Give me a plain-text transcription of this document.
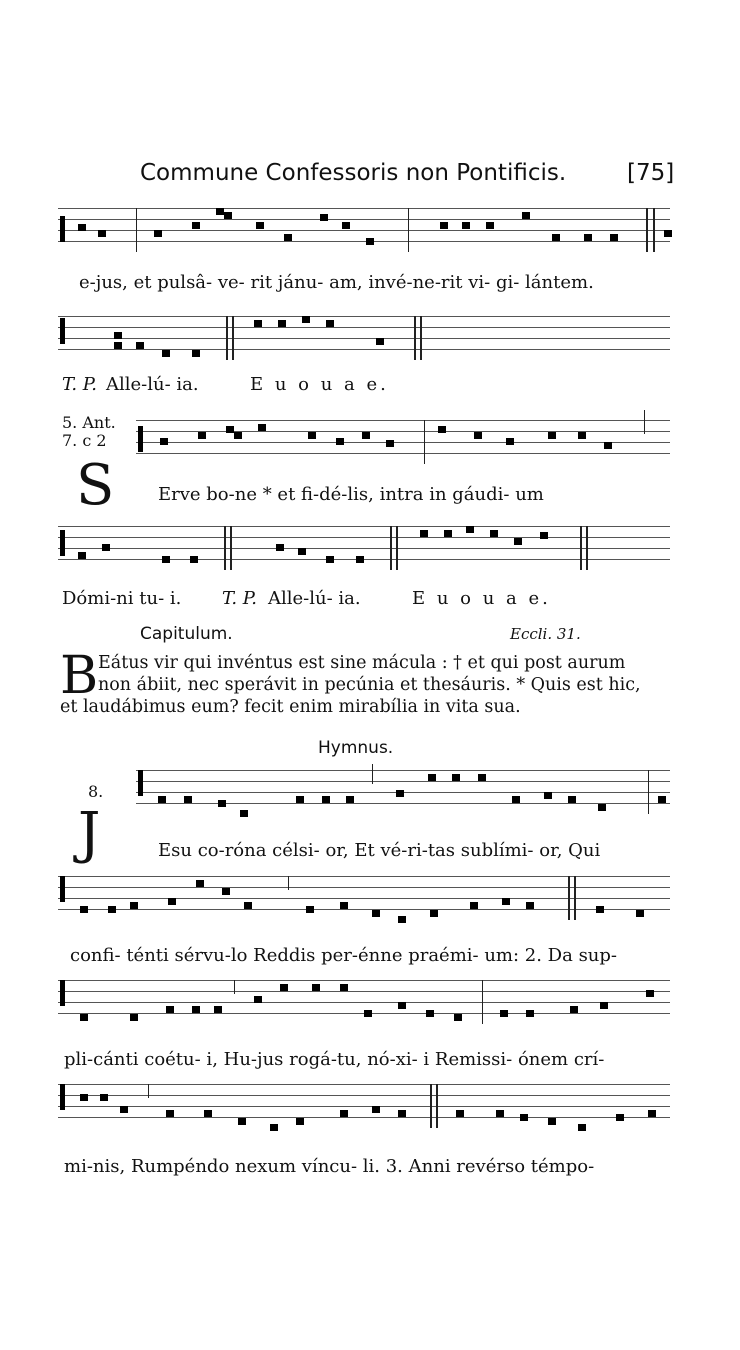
Commune Confessoris non Pontificis.	[75]
e-jus, et pulsâ- ve- rit jánu- am, invé-ne-rit vi- gi- lántem.
T. P. Alle-lú- ia.	E u o u a e.
5. Ant.
7. c 2
S Erve bo-ne * et fi-dé-lis, intra in gáudi- um
Dómi-ni tu- i. T. P. Alle-lú- ia.	E u o u a e.
Capitulum.	Eccli. 31.
B Eátus vir qui invéntus est sine mácula : † et qui post aurum
non ábiit, nec sperávit in pecúnia et thesáuris. * Quis est hic,
et laudábimus eum? fecit enim mirabília in vita sua.
Hymnus.
8.
J	Esu co-róna célsi- or, Et vé-ri-tas sublími- or, Qui
confi- ténti sérvu-lo Reddis per-énne praémi- um: 2. Da sup-
pli-cánti coétu- i, Hu-jus rogá-tu, nó-xi- i Remissi- ónem crí-
mi-nis, Rumpéndo nexum víncu- li. 3. Anni revérso témpo-
